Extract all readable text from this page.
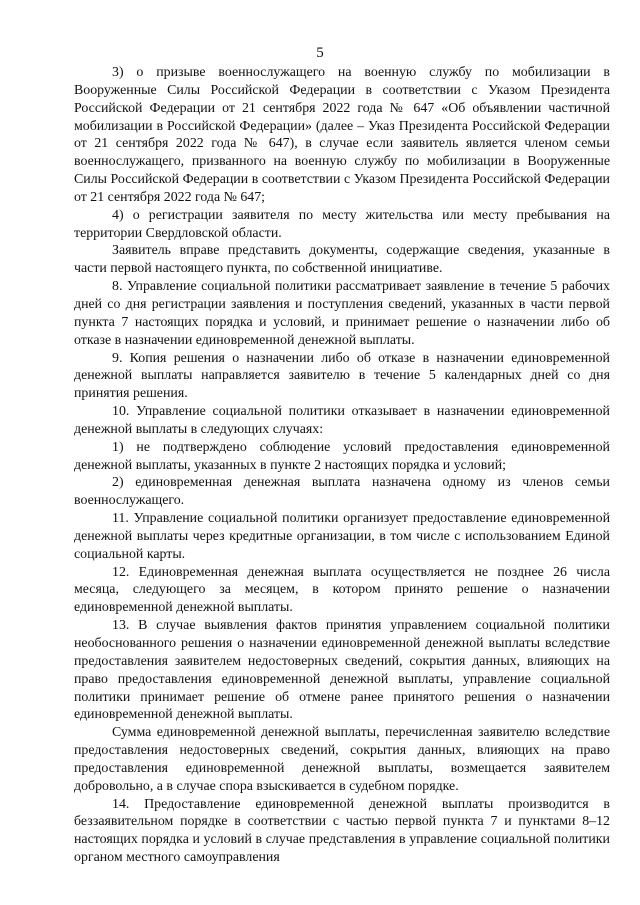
5

3) о призыве военнослужащего на военную службу по мобилизации в Вооруженные Силы Российской Федерации в соответствии с Указом Президента Российской Федерации от 21 сентября 2022 года № 647 «Об объявлении частичной мобилизации в Российской Федерации» (далее – Указ Президента Российской Федерации от 21 сентября 2022 года № 647), в случае если заявитель является членом семьи военнослужащего, призванного на военную службу по мобилизации в Вооруженные Силы Российской Федерации в соответствии с Указом Президента Российской Федерации от 21 сентября 2022 года № 647;

4) о регистрации заявителя по месту жительства или месту пребывания на территории Свердловской области.

Заявитель вправе представить документы, содержащие сведения, указанные в части первой настоящего пункта, по собственной инициативе.

8. Управление социальной политики рассматривает заявление в течение 5 рабочих дней со дня регистрации заявления и поступления сведений, указанных в части первой пункта 7 настоящих порядка и условий, и принимает решение о назначении либо об отказе в назначении единовременной денежной выплаты.

9. Копия решения о назначении либо об отказе в назначении единовременной денежной выплаты направляется заявителю в течение 5 календарных дней со дня принятия решения.

10. Управление социальной политики отказывает в назначении единовременной денежной выплаты в следующих случаях:

1) не подтверждено соблюдение условий предоставления единовременной денежной выплаты, указанных в пункте 2 настоящих порядка и условий;

2) единовременная денежная выплата назначена одному из членов семьи военнослужащего.

11. Управление социальной политики организует предоставление единовременной денежной выплаты через кредитные организации, в том числе с использованием Единой социальной карты.

12. Единовременная денежная выплата осуществляется не позднее 26 числа месяца, следующего за месяцем, в котором принято решение о назначении единовременной денежной выплаты.

13. В случае выявления фактов принятия управлением социальной политики необоснованного решения о назначении единовременной денежной выплаты вследствие предоставления заявителем недостоверных сведений, сокрытия данных, влияющих на право предоставления единовременной денежной выплаты, управление социальной политики принимает решение об отмене ранее принятого решения о назначении единовременной денежной выплаты.

Сумма единовременной денежной выплаты, перечисленная заявителю вследствие предоставления недостоверных сведений, сокрытия данных, влияющих на право предоставления единовременной денежной выплаты, возмещается заявителем добровольно, а в случае спора взыскивается в судебном порядке.

14. Предоставление единовременной денежной выплаты производится в беззаявительном порядке в соответствии с частью первой пункта 7 и пунктами 8–12 настоящих порядка и условий в случае представления в управление социальной политики органом местного самоуправления
